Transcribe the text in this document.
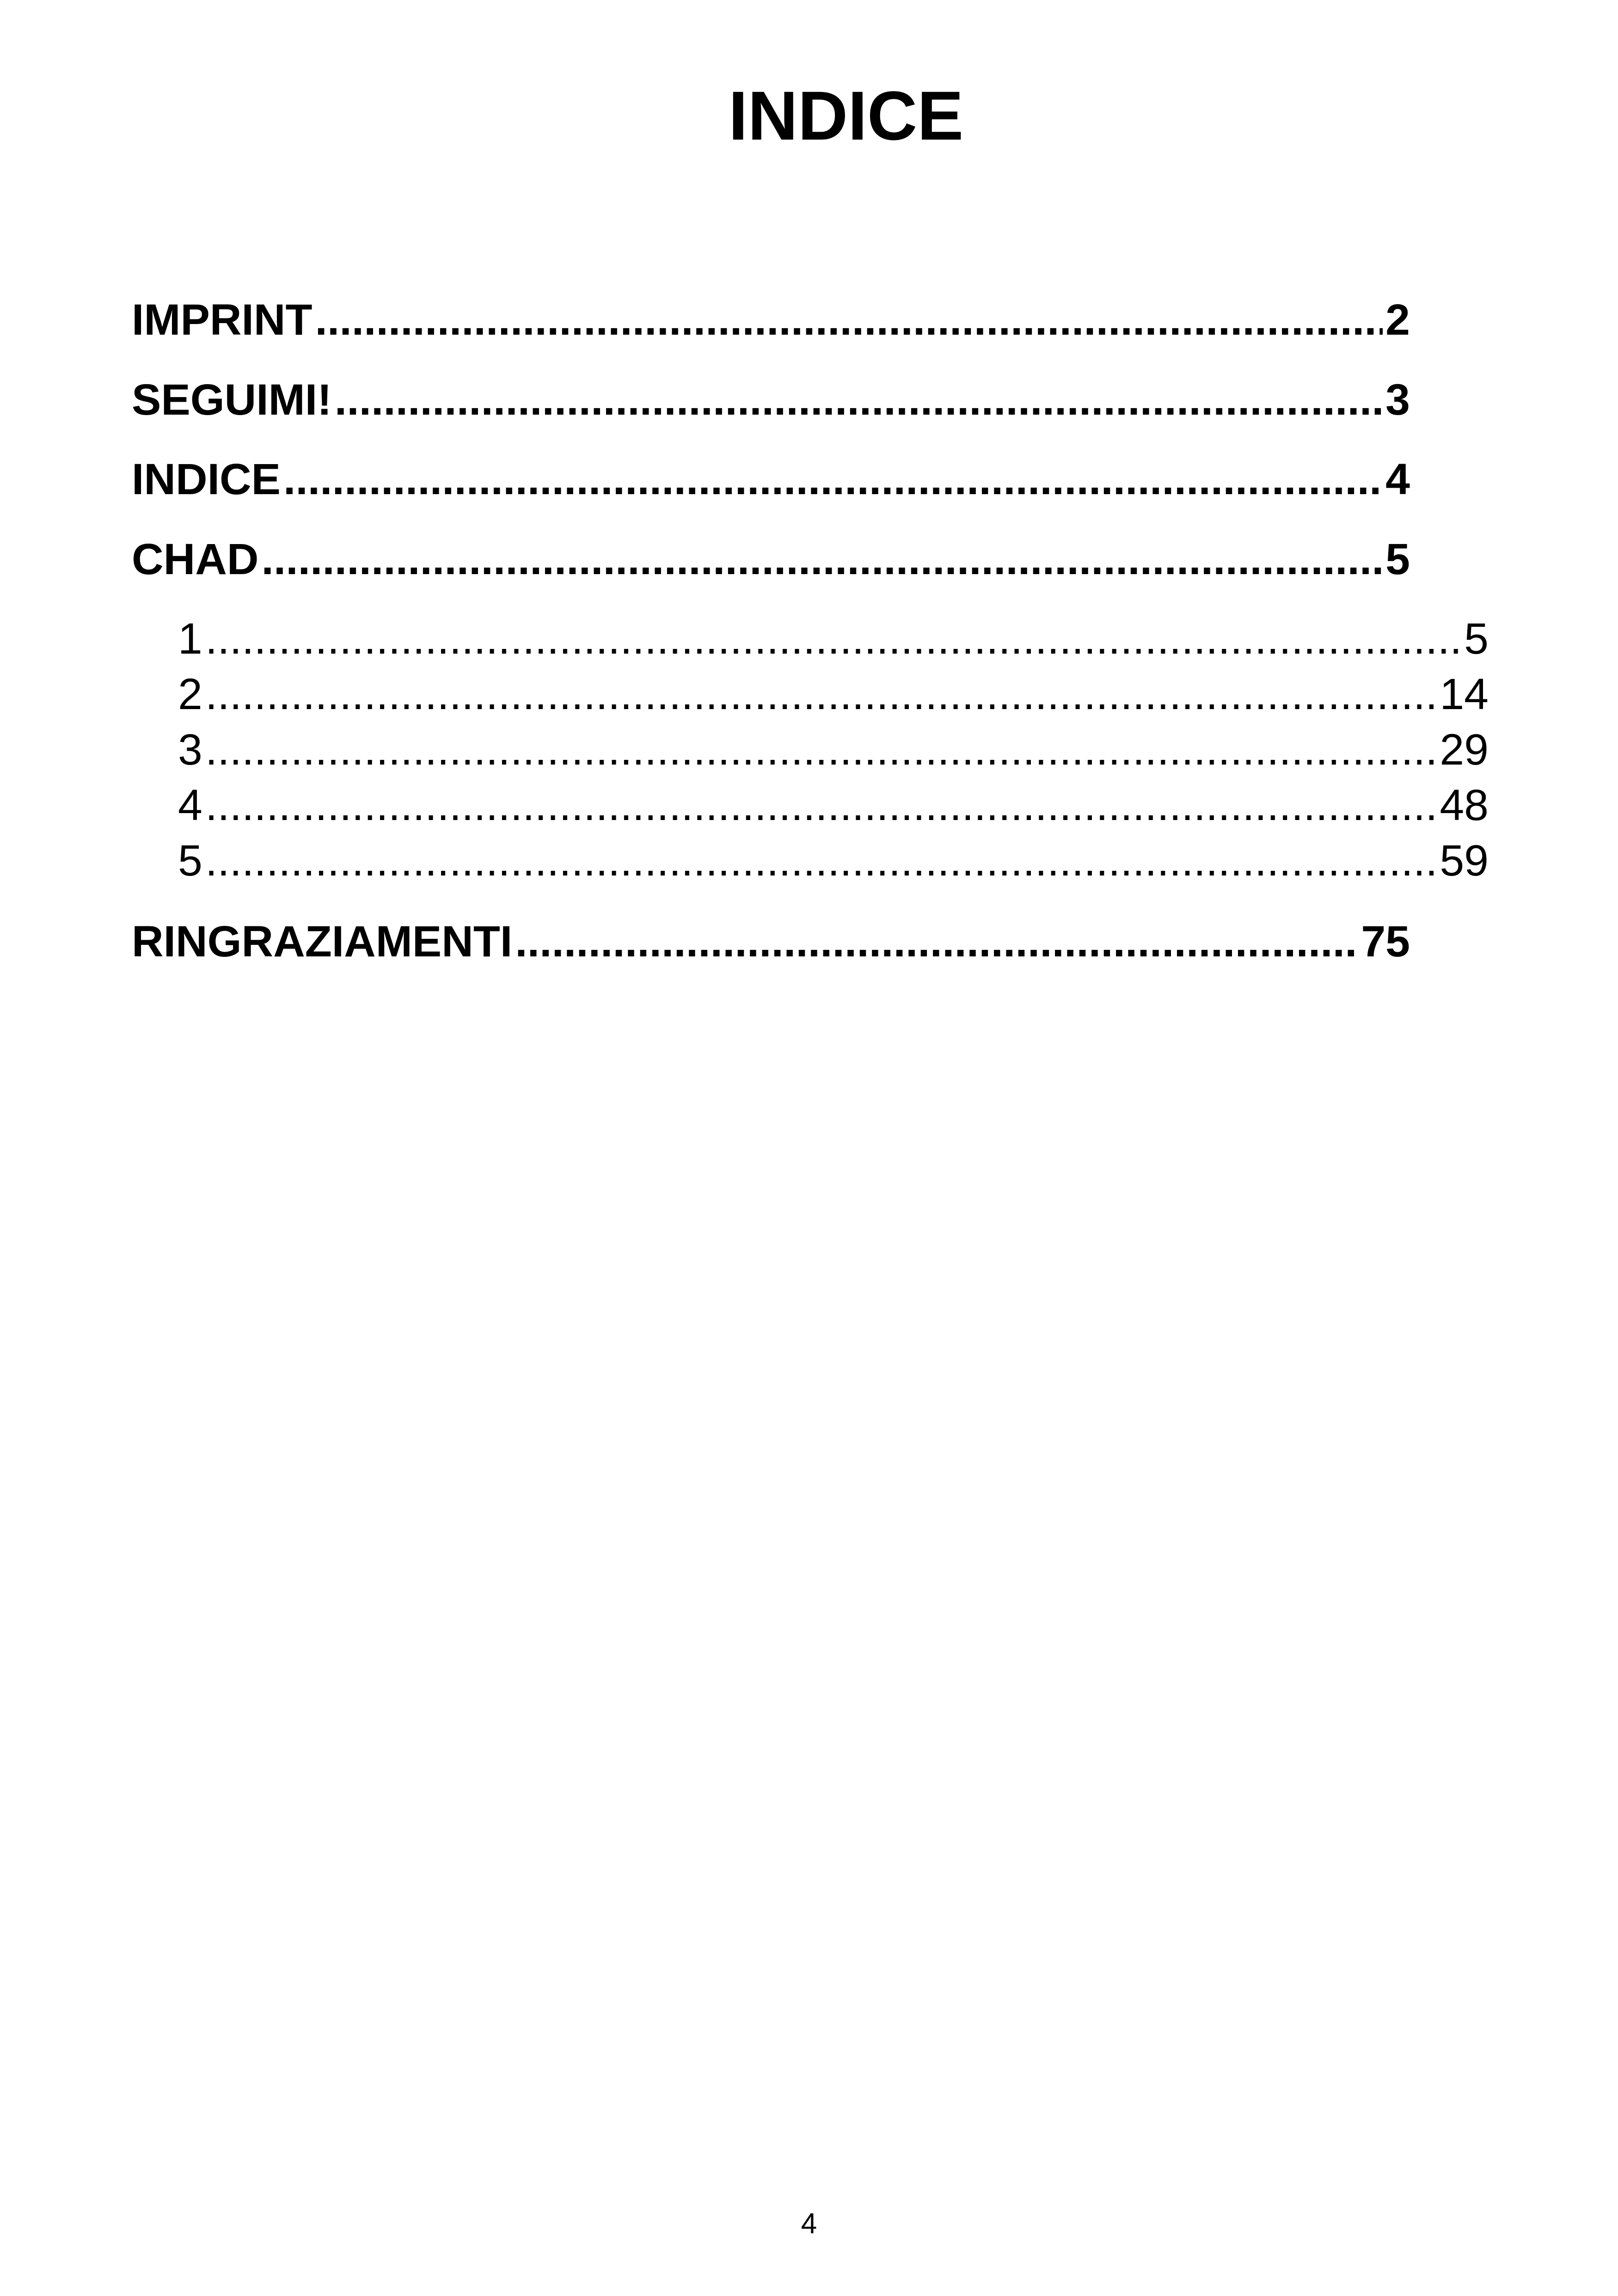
INDICE
IMPRINT .....	2
SEGUIMI! .....	3
INDICE .....	4
CHAD .....	5
1 .....	5
2 .....	14
3 .....	29
4 .....	48
5 .....	59
RINGRAZIAMENTI .....	75
4
